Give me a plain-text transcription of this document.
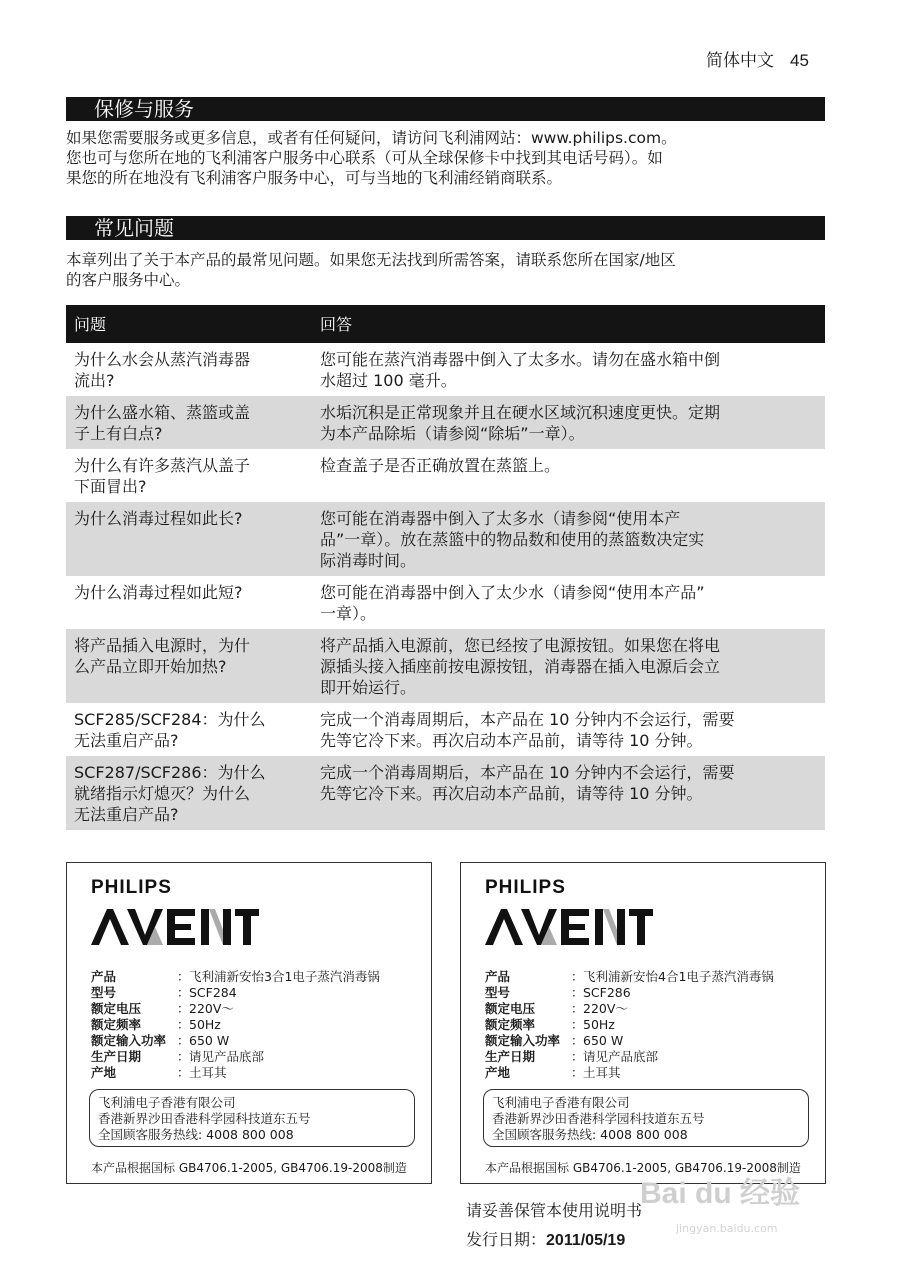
简体中文 45
保修与服务
如果您需要服务或更多信息，或者有任何疑问，请访问飞利浦网站：www.philips.com。
您也可与您所在地的飞利浦客户服务中心联系（可从全球保修卡中找到其电话号码）。如
果您的所在地没有飞利浦客户服务中心，可与当地的飞利浦经销商联系。
常见问题
本章列出了关于本产品的最常见问题。如果您无法找到所需答案，请联系您所在国家/地区
的客户服务中心。
问题	回答

为什么水会从蒸汽消毒器
流出?	您可能在蒸汽消毒器中倒入了太多水。请勿在盛水箱中倒
水超过 100 毫升。

为什么盛水箱、蒸篮或盖
子上有白点?	水垢沉积是正常现象并且在硬水区域沉积速度更快。定期
为本产品除垢（请参阅“除垢”一章）。

为什么有许多蒸汽从盖子
下面冒出?	检查盖子是否正确放置在蒸篮上。

为什么消毒过程如此长?	您可能在消毒器中倒入了太多水（请参阅“使用本产
品”一章）。放在蒸篮中的物品数和使用的蒸篮数决定实
际消毒时间。

为什么消毒过程如此短?	您可能在消毒器中倒入了太少水（请参阅“使用本产品”
一章）。

将产品插入电源时，为什
么产品立即开始加热?	将产品插入电源前，您已经按了电源按钮。如果您在将电
源插头接入插座前按电源按钮，消毒器在插入电源后会立
即开始运行。

SCF285/SCF284：为什么
无法重启产品?	完成一个消毒周期后，本产品在 10 分钟内不会运行，需要
先等它冷下来。再次启动本产品前，请等待 10 分钟。

SCF287/SCF286：为什么
就绪指示灯熄灭？为什么
无法重启产品?	完成一个消毒周期后，本产品在 10 分钟内不会运行，需要
先等它冷下来。再次启动本产品前，请等待 10 分钟。
PHILIPS
产品	： 飞利浦新安怡3合1电子蒸汽消毒锅
型号	： SCF284
额定电压	： 220V～
额定频率	： 50Hz
额定输入功率 ： 650 W
生产日期	： 请见产品底部
产地	： 土耳其
飞利浦电子香港有限公司
香港新界沙田香港科学园科技道东五号
全国顾客服务热线: 4008 800 008
本产品根据国标 GB4706.1-2005, GB4706.19-2008制造
PHILIPS
产品	： 飞利浦新安怡4合1电子蒸汽消毒锅
型号	： SCF286
额定电压	： 220V～
额定频率	： 50Hz
额定输入功率 ： 650 W
生产日期	： 请见产品底部
产地	： 土耳其
飞利浦电子香港有限公司
香港新界沙田香港科学园科技道东五号
全国顾客服务热线: 4008 800 008
本产品根据国标 GB4706.1-2005, GB4706.19-2008制造
请妥善保管本使用说明书
发行日期：2011/05/19
Bai du 经验
jingyan.baidu.com
